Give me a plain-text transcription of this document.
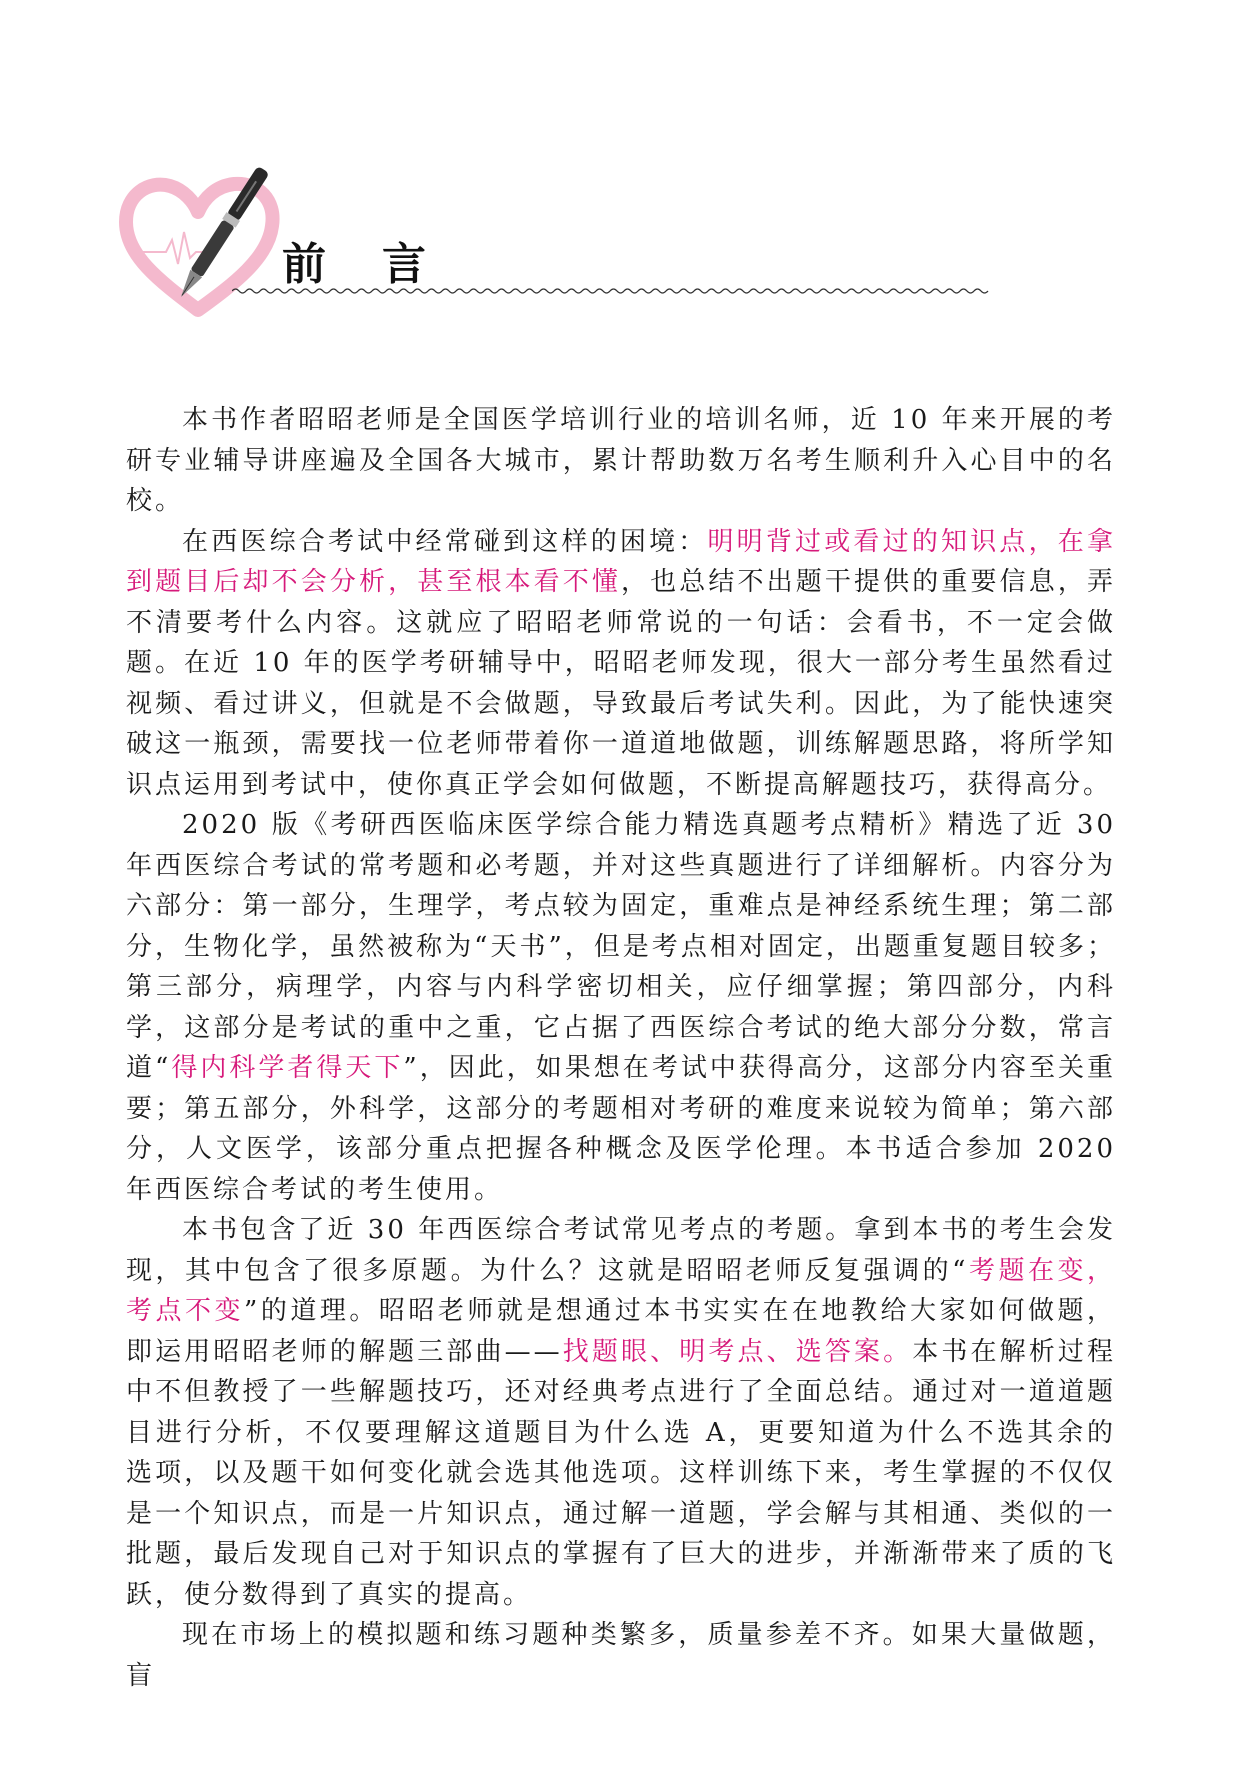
前言

本书作者昭昭老师是全国医学培训行业的培训名师，近 10 年来开展的考研专业辅导讲座遍及全国各大城市，累计帮助数万名考生顺利升入心目中的名校。

在西医综合考试中经常碰到这样的困境：明明背过或看过的知识点，在拿到题目后却不会分析，甚至根本看不懂，也总结不出题干提供的重要信息，弄不清要考什么内容。这就应了昭昭老师常说的一句话：会看书，不一定会做题。在近 10 年的医学考研辅导中，昭昭老师发现，很大一部分考生虽然看过视频、看过讲义，但就是不会做题，导致最后考试失利。因此，为了能快速突破这一瓶颈，需要找一位老师带着你一道道地做题，训练解题思路，将所学知识点运用到考试中，使你真正学会如何做题，不断提高解题技巧，获得高分。

2020 版《考研西医临床医学综合能力精选真题考点精析》精选了近 30 年西医综合考试的常考题和必考题，并对这些真题进行了详细解析。内容分为六部分：第一部分，生理学，考点较为固定，重难点是神经系统生理；第二部分，生物化学，虽然被称为“天书”，但是考点相对固定，出题重复题目较多；第三部分，病理学，内容与内科学密切相关，应仔细掌握；第四部分，内科学，这部分是考试的重中之重，它占据了西医综合考试的绝大部分分数，常言道“得内科学者得天下”，因此，如果想在考试中获得高分，这部分内容至关重要；第五部分，外科学，这部分的考题相对考研的难度来说较为简单；第六部分，人文医学，该部分重点把握各种概念及医学伦理。本书适合参加 2020 年西医综合考试的考生使用。

本书包含了近 30 年西医综合考试常见考点的考题。拿到本书的考生会发现，其中包含了很多原题。为什么？这就是昭昭老师反复强调的“考题在变，考点不变”的道理。昭昭老师就是想通过本书实实在在地教给大家如何做题，即运用昭昭老师的解题三部曲——找题眼、明考点、选答案。本书在解析过程中不但教授了一些解题技巧，还对经典考点进行了全面总结。通过对一道道题目进行分析，不仅要理解这道题目为什么选 A，更要知道为什么不选其余的选项，以及题干如何变化就会选其他选项。这样训练下来，考生掌握的不仅仅是一个知识点，而是一片知识点，通过解一道题，学会解与其相通、类似的一批题，最后发现自己对于知识点的掌握有了巨大的进步，并渐渐带来了质的飞跃，使分数得到了真实的提高。

现在市场上的模拟题和练习题种类繁多，质量参差不齐。如果大量做题，盲
